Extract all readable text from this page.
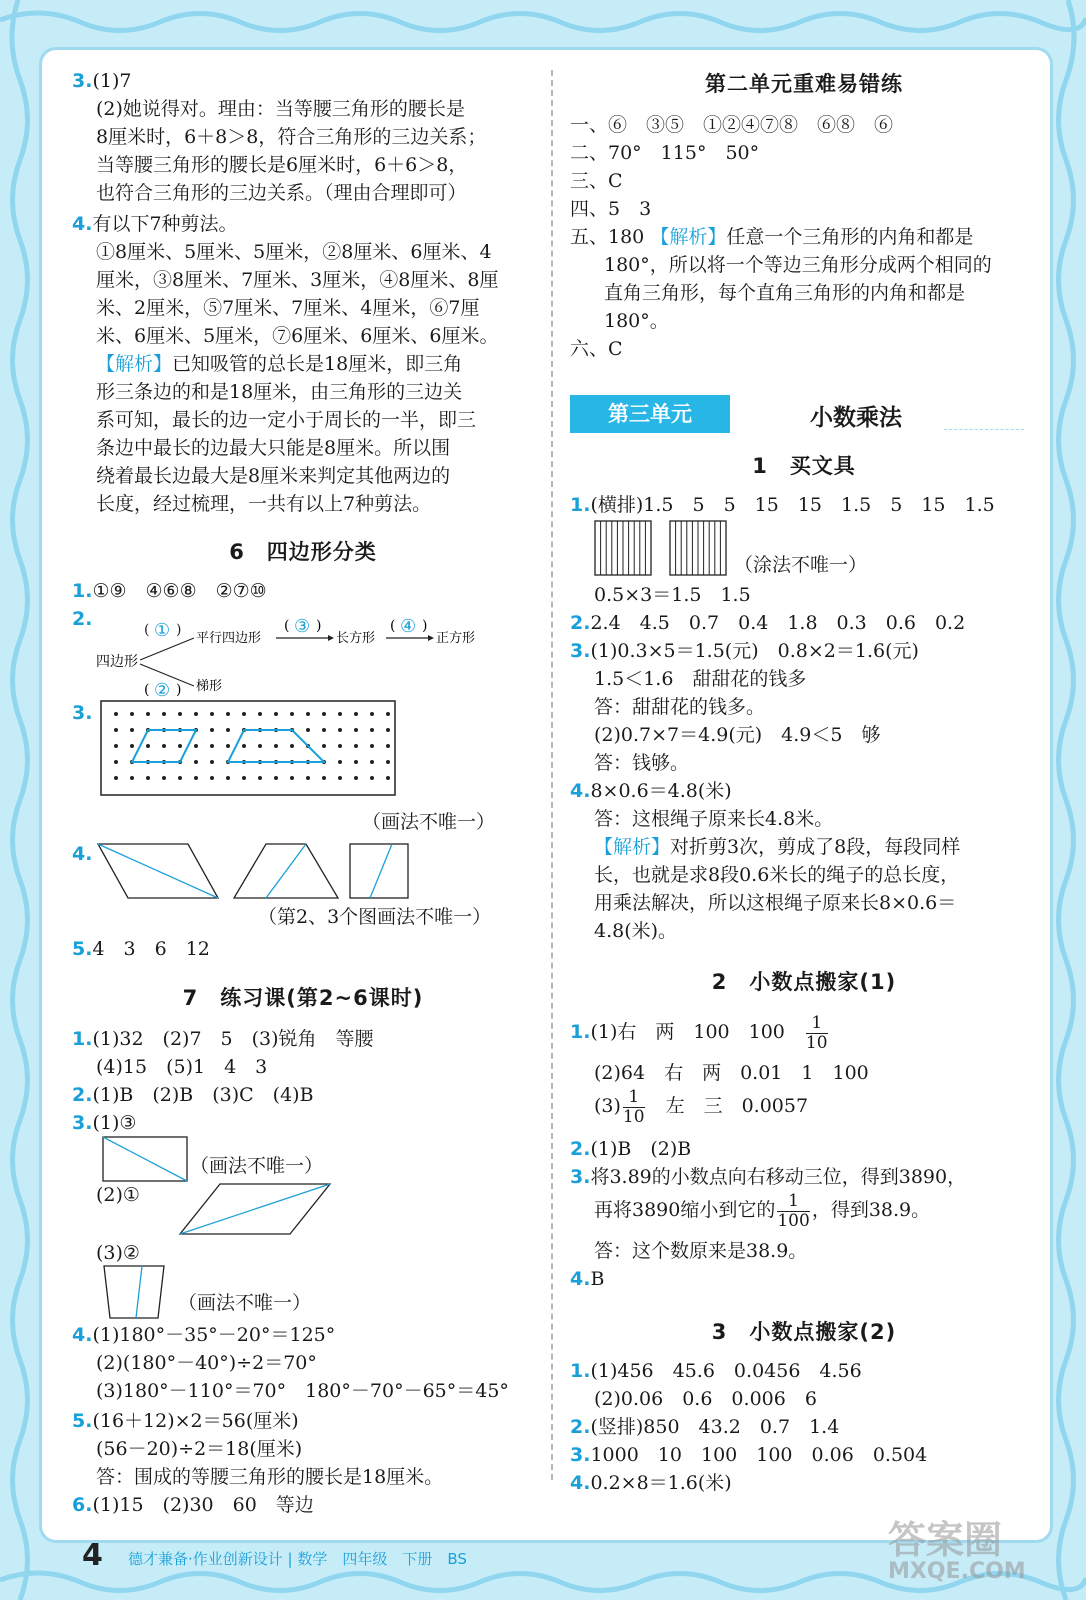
3.(1)7
(2)她说得对。理由：当等腰三角形的腰长是
8厘米时，6＋8＞8，符合三角形的三边关系；
当等腰三角形的腰长是6厘米时，6＋6＞8，
也符合三角形的三边关系。（理由合理即可）
4.有以下7种剪法。
①8厘米、5厘米、5厘米，②8厘米、6厘米、4
厘米，③8厘米、7厘米、3厘米，④8厘米、8厘
米、2厘米，⑤7厘米、7厘米、4厘米，⑥7厘
米、6厘米、5厘米，⑦6厘米、6厘米、6厘米。
【解析】已知吸管的总长是18厘米，即三角
形三条边的和是18厘米，由三角形的三边关
系可知，最长的边一定小于周长的一半，即三
条边中最长的边最大只能是8厘米。所以围
绕着最长边最大是8厘米来判定其他两边的
长度，经过梳理，一共有以上7种剪法。
6　四边形分类
1.①⑨　④⑥⑧　②⑦⑩
2.
四边形
( ① )
平行四边形
( ③ )
长方形
( ④ )
正方形
梯形
( ② )
3.
（画法不唯一）
4.
（第2、3个图画法不唯一）
5.4　3　6　12
7　练习课(第2~6课时)
1.(1)32　(2)7　5　(3)锐角　等腰
(4)15　(5)1　4　3
2.(1)B　(2)B　(3)C　(4)B
3.(1)③
（画法不唯一）
(2)①
(3)②
（画法不唯一）
4.(1)180°－35°－20°＝125°
(2)(180°－40°)÷2＝70°
(3)180°－110°＝70°　180°－70°－65°＝45°
5.(16＋12)×2＝56(厘米)
(56－20)÷2＝18(厘米)
答：围成的等腰三角形的腰长是18厘米。
6.(1)15　(2)30　60　等边
第二单元重难易错练
一、⑥　③⑤　①②④⑦⑧　⑥⑧　⑥
二、70°　115°　50°
三、C
四、5　3
五、180 【解析】任意一个三角形的内角和都是
180°，所以将一个等边三角形分成两个相同的
直角三角形，每个直角三角形的内角和都是
180°。
六、C
第三单元	小数乘法
1　买文具
1.(横排)1.5　5　5　15　15　1.5　5　15　1.5
（涂法不唯一）
0.5×3＝1.5　1.5
2.2.4　4.5　0.7　0.4　1.8　0.3　0.6　0.2
3.(1)0.3×5＝1.5(元)　0.8×2＝1.6(元)
1.5＜1.6　甜甜花的钱多
答：甜甜花的钱多。
(2)0.7×7＝4.9(元)　4.9＜5　够
答：钱够。
4.8×0.6＝4.8(米)
答：这根绳子原来长4.8米。
【解析】对折剪3次，剪成了8段，每段同样
长，也就是求8段0.6米长的绳子的总长度，
用乘法解决，所以这根绳子原来长8×0.6＝
4.8(米)。
2　小数点搬家(1)
1.(1)右　两　100　100　 $\frac{1}{10}$
(2)64　右　两　0.01　1　100
$(3) \frac{1}{10}$
　 左　三　0.0057
2.(1)B　(2)B
3.将3.89的小数点向右移动三位，得到3890，
再将3890缩小到它的 $\frac{1}{100}$ ，得到38.9。
答：这个数原来是38.9。
4.B
3　小数点搬家(2)
1.(1)456　45.6　0.0456　4.56
(2)0.06　0.6　0.006　6
2.(竖排)850　43.2　0.7　1.4
3.1000　10　100　100　0.06　0.504
4.0.2×8＝1.6(米)
4 德才兼备·作业创新设计 | 数学　四年级　下册　BS	答案圈
MXQE.COM
